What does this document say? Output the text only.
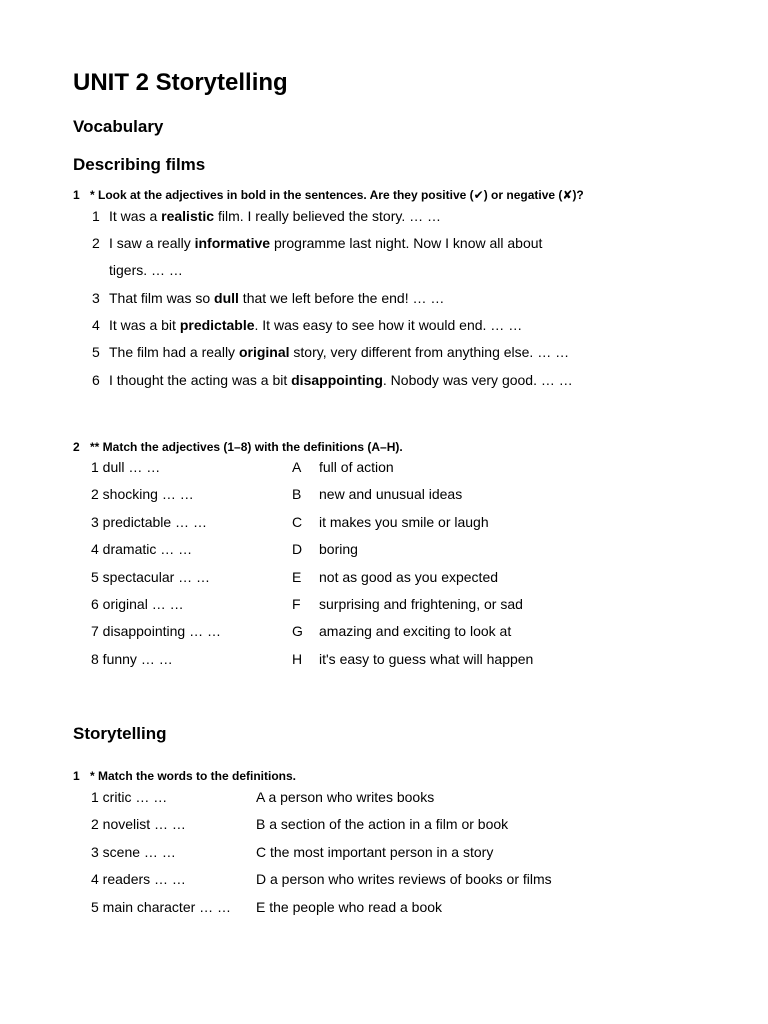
UNIT 2 Storytelling
Vocabulary
Describing films
1 * Look at the adjectives in bold in the sentences. Are they positive (✔) or negative (✘)?
1 It was a realistic film. I really believed the story. … …
2 I saw a really informative programme last night. Now I know all about
tigers. … …
3 That film was so dull that we left before the end! … …
4 It was a bit predictable. It was easy to see how it would end. … …
5 The film had a really original story, very different from anything else. … …
6 I thought the acting was a bit disappointing. Nobody was very good. … …
2 ** Match the adjectives (1–8) with the definitions (A–H).
1 dull … …	A full of action
2 shocking … …	B new and unusual ideas
3 predictable … …	C it makes you smile or laugh
4 dramatic … …	D boring
5 spectacular … …	E not as good as you expected
6 original … …	F surprising and frightening, or sad
7 disappointing … …	G amazing and exciting to look at
8 funny … …	H it's easy to guess what will happen
Storytelling
1 * Match the words to the definitions.
1 critic … …	A a person who writes books
2 novelist … …	B a section of the action in a film or book
3 scene … …	C the most important person in a story
4 readers … …	D a person who writes reviews of books or films
5 main character … … E the people who read a book
